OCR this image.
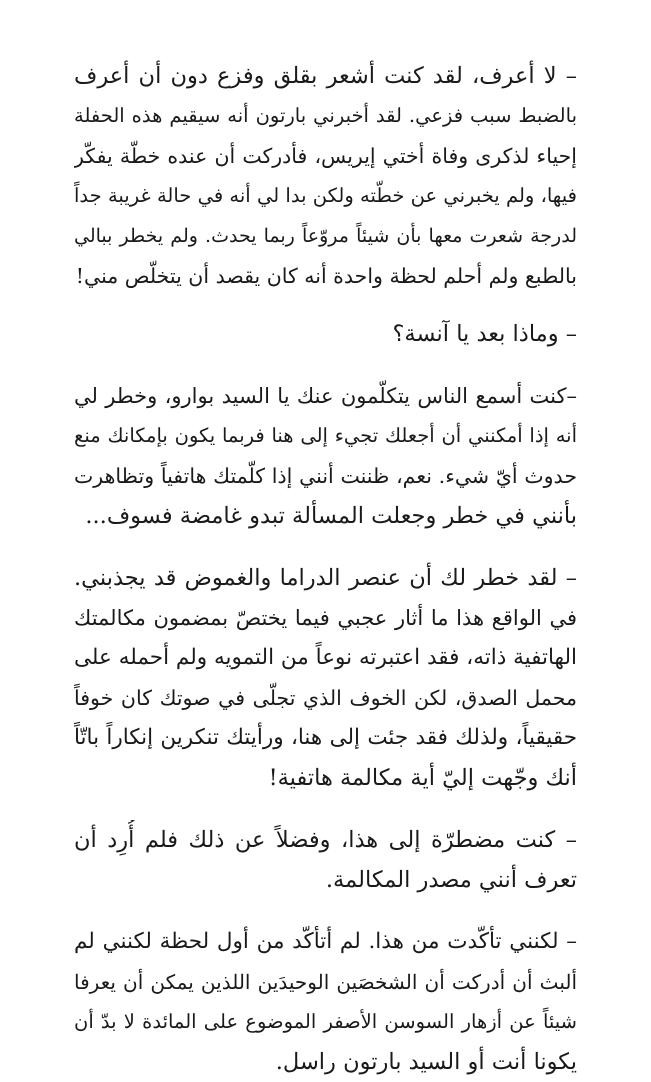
– لا أعرف، لقد كنت أشعر بقلق وفزع دون أن أعرف
بالضبط سبب فزعي. لقد أخبرني بارتون أنه سيقيم هذه الحفلة
إحياء لذكرى وفاة أختي إيريس، فأدركت أن عنده خطّة يفكّر
فيها، ولم يخبرني عن خطّته ولكن بدا لي أنه في حالة غريبة جداً
لدرجة شعرت معها بأن شيئاً مروّعاً ربما يحدث. ولم يخطر ببالي
بالطبع ولم أحلم لحظة واحدة أنه كان يقصد أن يتخلّص مني!
– وماذا بعد يا آنسة؟
–كنت أسمع الناس يتكلّمون عنك يا السيد بوارو، وخطر لي
أنه إذا أمكنني أن أجعلك تجيء إلى هنا فربما يكون بإمكانك منع
حدوث أيّ شيء. نعم، ظننت أنني إذا كلّمتك هاتفياً وتظاهرت
بأنني في خطر وجعلت المسألة تبدو غامضة فسوف...
– لقد خطر لك أن عنصر الدراما والغموض قد يجذبني.
في الواقع هذا ما أثار عجبي فيما يختصّ بمضمون مكالمتك
الهاتفية ذاته، فقد اعتبرته نوعاً من التمويه ولم أحمله على
محمل الصدق، لكن الخوف الذي تجلّى في صوتك كان خوفاً
حقيقياً، ولذلك فقد جئت إلى هنا، ورأيتك تنكرين إنكاراً باتّاً
أنك وجّهت إليّ أية مكالمة هاتفية!
– كنت مضطرّة إلى هذا، وفضلاً عن ذلك فلم أُرِد أن
تعرف أنني مصدر المكالمة.
– لكنني تأكّدت من هذا. لم أتأكّد من أول لحظة لكنني لم
ألبث أن أدركت أن الشخصَين الوحيدَين اللذين يمكن أن يعرفا
شيئاً عن أزهار السوسن الأصفر الموضوع على المائدة لا بدّ أن
يكونا أنت أو السيد بارتون راسل.
